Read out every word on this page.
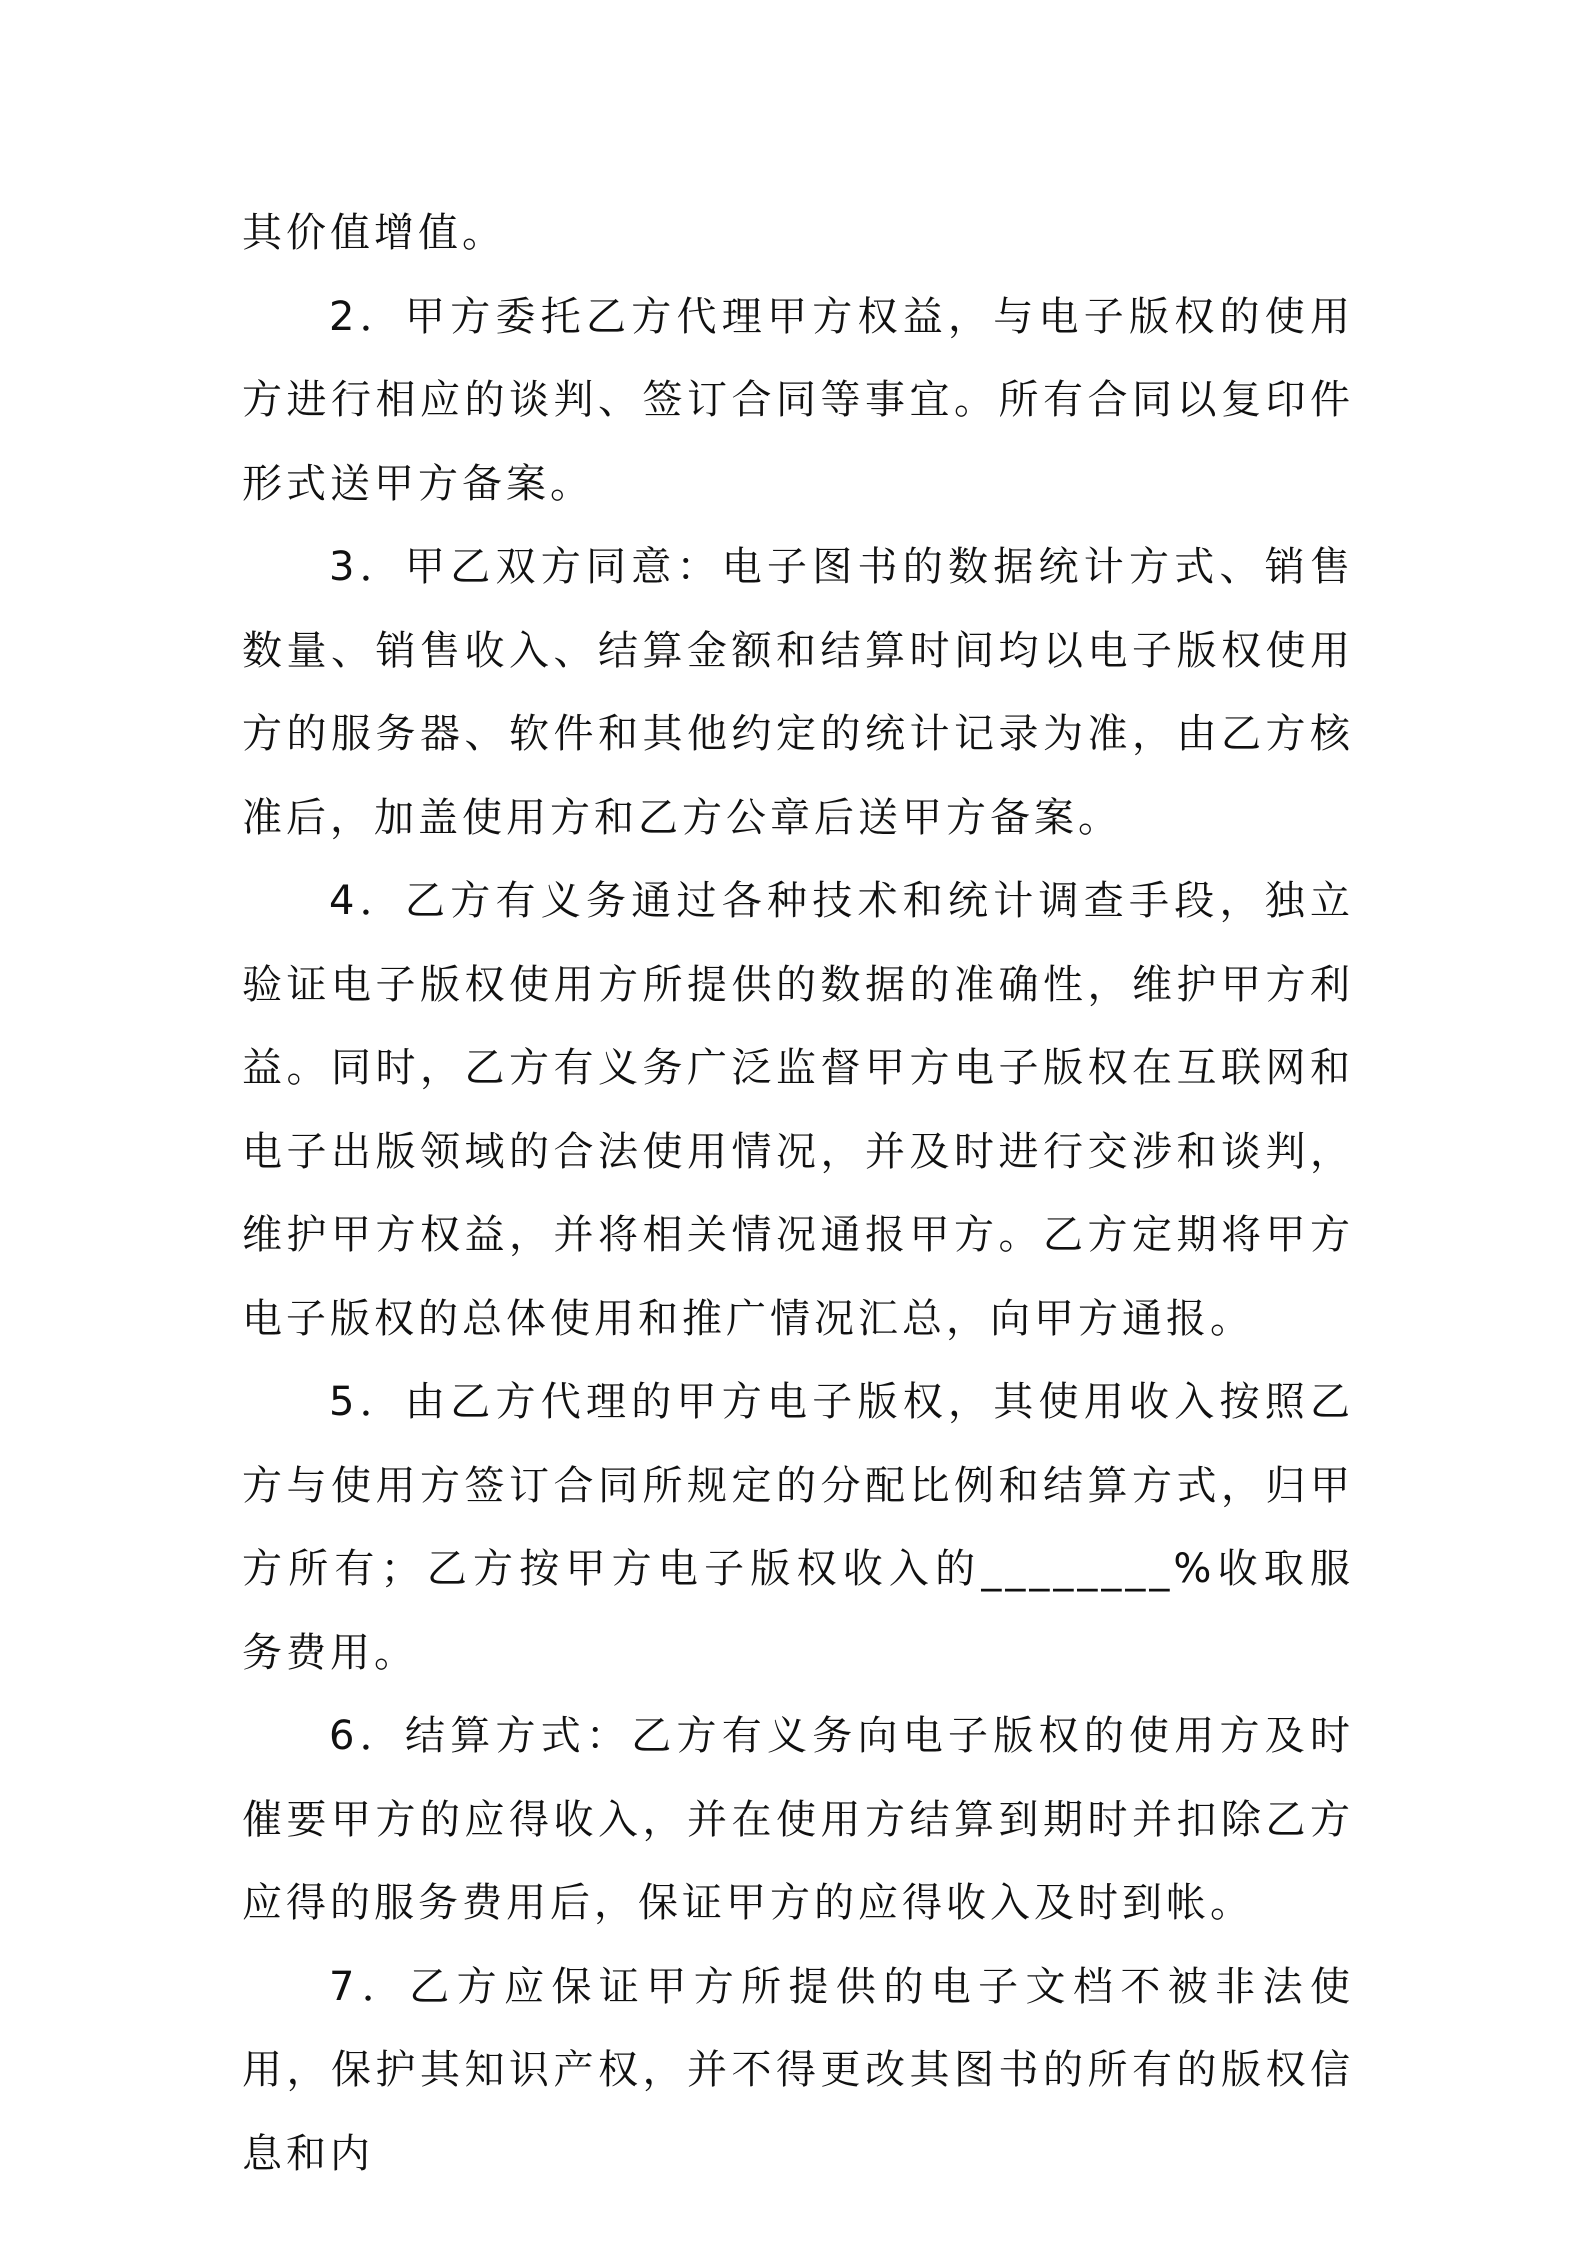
其价值增值。

2．甲方委托乙方代理甲方权益，与电子版权的使用方进行相应的谈判、签订合同等事宜。所有合同以复印件形式送甲方备案。

3．甲乙双方同意：电子图书的数据统计方式、销售数量、销售收入、结算金额和结算时间均以电子版权使用方的服务器、软件和其他约定的统计记录为准，由乙方核准后，加盖使用方和乙方公章后送甲方备案。

4．乙方有义务通过各种技术和统计调查手段，独立验证电子版权使用方所提供的数据的准确性，维护甲方利益。同时，乙方有义务广泛监督甲方电子版权在互联网和电子出版领域的合法使用情况，并及时进行交涉和谈判，维护甲方权益，并将相关情况通报甲方。乙方定期将甲方电子版权的总体使用和推广情况汇总，向甲方通报。

5．由乙方代理的甲方电子版权，其使用收入按照乙方与使用方签订合同所规定的分配比例和结算方式，归甲方所有；乙方按甲方电子版权收入的________%收取服务费用。

6．结算方式：乙方有义务向电子版权的使用方及时催要甲方的应得收入，并在使用方结算到期时并扣除乙方应得的服务费用后，保证甲方的应得收入及时到帐。

7．乙方应保证甲方所提供的电子文档不被非法使用，保护其知识产权，并不得更改其图书的所有的版权信息和内
